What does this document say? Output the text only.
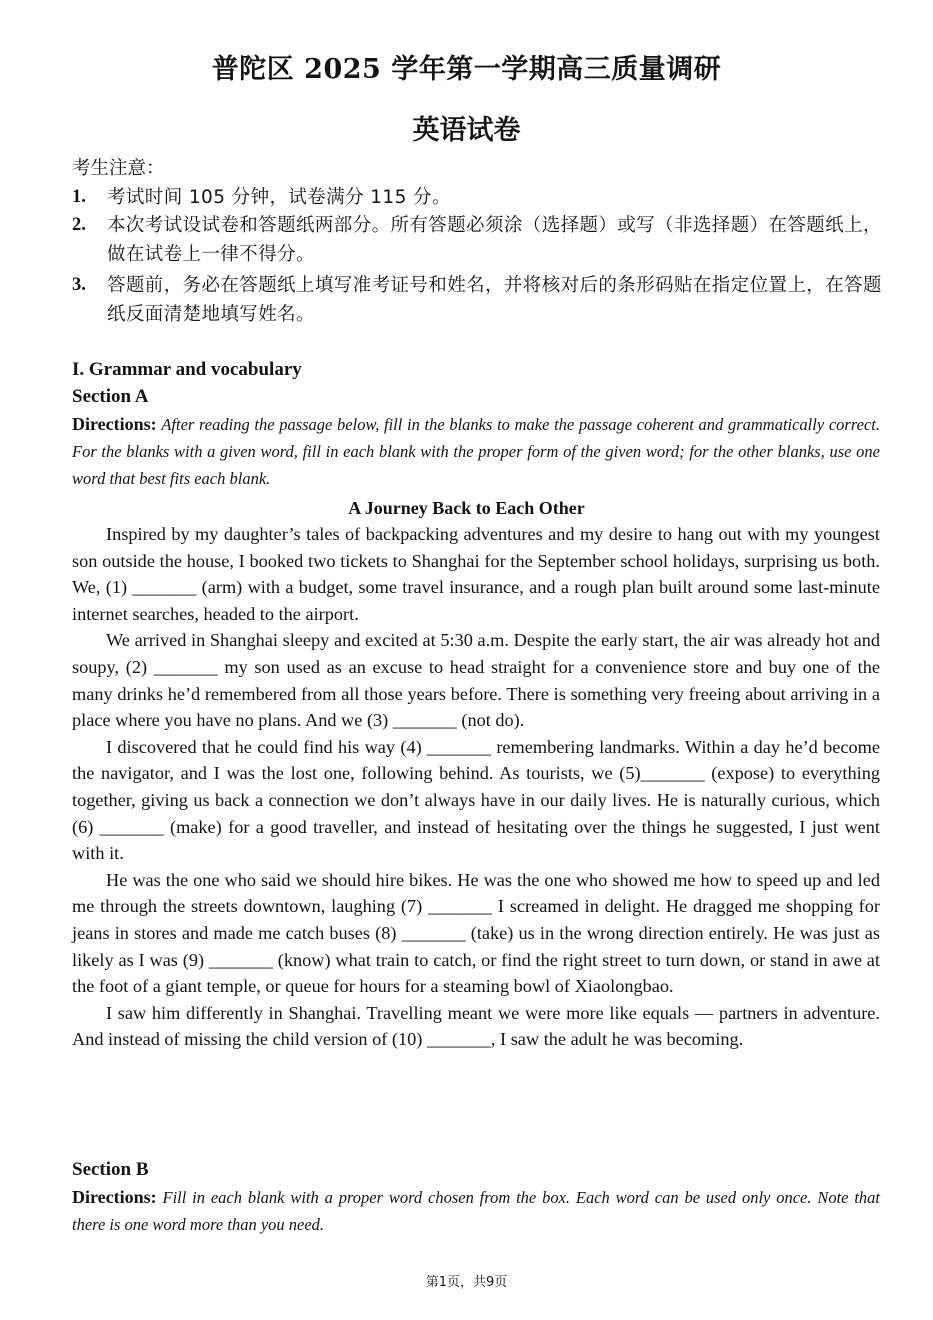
普陀区 2025 学年第一学期高三质量调研
英语试卷
考生注意：
1. 考试时间 105 分钟，试卷满分 115 分。
2. 本次考试设试卷和答题纸两部分。所有答题必须涂（选择题）或写（非选择题）在答题纸上，做在试卷上一律不得分。
3. 答题前，务必在答题纸上填写准考证号和姓名，并将核对后的条形码贴在指定位置上，在答题纸反面清楚地填写姓名。
I. Grammar and vocabulary
Section A
Directions: After reading the passage below, fill in the blanks to make the passage coherent and grammatically correct. For the blanks with a given word, fill in each blank with the proper form of the given word; for the other blanks, use one word that best fits each blank.
A Journey Back to Each Other

Inspired by my daughter’s tales of backpacking adventures and my desire to hang out with my youngest son outside the house, I booked two tickets to Shanghai for the September school holidays, surprising us both. We, (1) _______ (arm) with a budget, some travel insurance, and a rough plan built around some last-minute internet searches, headed to the airport.

We arrived in Shanghai sleepy and excited at 5:30 a.m. Despite the early start, the air was already hot and soupy, (2) _______ my son used as an excuse to head straight for a convenience store and buy one of the many drinks he’d remembered from all those years before. There is something very freeing about arriving in a place where you have no plans. And we (3) _______ (not do).

I discovered that he could find his way (4) _______ remembering landmarks. Within a day he’d become the navigator, and I was the lost one, following behind. As tourists, we (5)_______ (expose) to everything together, giving us back a connection we don’t always have in our daily lives. He is naturally curious, which (6) _______ (make) for a good traveller, and instead of hesitating over the things he suggested, I just went with it.

He was the one who said we should hire bikes. He was the one who showed me how to speed up and led me through the streets downtown, laughing (7) _______ I screamed in delight. He dragged me shopping for jeans in stores and made me catch buses (8) _______ (take) us in the wrong direction entirely. He was just as likely as I was (9) _______ (know) what train to catch, or find the right street to turn down, or stand in awe at the foot of a giant temple, or queue for hours for a steaming bowl of Xiaolongbao.

I saw him differently in Shanghai. Travelling meant we were more like equals — partners in adventure. And instead of missing the child version of (10) _______, I saw the adult he was becoming.

Section B
Directions: Fill in each blank with a proper word chosen from the box. Each word can be used only once. Note that there is one word more than you need.
第1页，共9页
